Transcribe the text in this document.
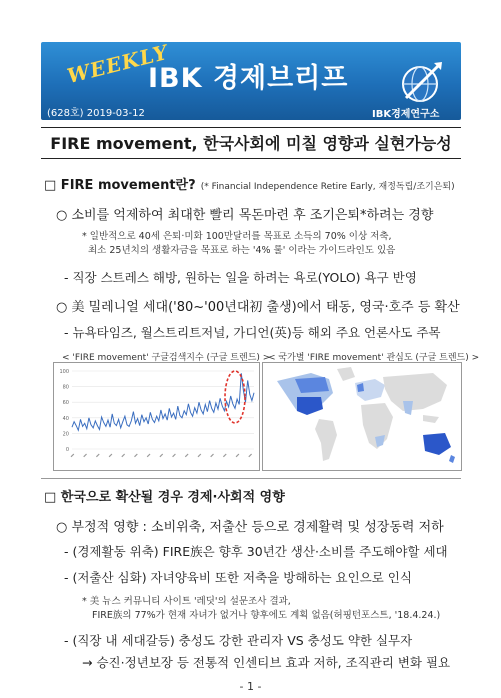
WEEKLY
IBK 경제브리프
(628호) 2019-03-12	IBK경제연구소
FIRE movement, 한국사회에 미칠 영향과 실현가능성
□ FIRE movement란? (* Financial Independence Retire Early, 재정독립/조기은퇴)
○ 소비를 억제하여 최대한 빨리 목돈마련 후 조기은퇴*하려는 경향
* 일반적으로 40세 은퇴·미화 100만달러를 목표로 소득의 70% 이상 저축,
최소 25년치의 생활자금을 목표로 하는 '4% 룰' 이라는 가이드라인도 있음
- 직장 스트레스 해방, 원하는 일을 하려는 욕로(YOLO) 욕구 반영
○ 美 밀레니얼 세대('80~'00년대初 출생)에서 태동, 영국·호주 등 확산
- 뉴욕타임즈, 월스트리트저널, 가디언(英)등 해외 주요 언론사도 주목
< 'FIRE movement' 구글검색지수 (구글 트렌드) >
< 국가별 'FIRE movement' 관심도 (구글 트렌드) >
100
80
60
40
20
0
□ 한국으로 확산될 경우 경제·사회적 영향
○ 부정적 영향 : 소비위축, 저출산 등으로 경제활력 및 성장동력 저하
- (경제활동 위축) FIRE族은 향후 30년간 생산·소비를 주도해야할 세대
- (저출산 심화) 자녀양육비 또한 저축을 방해하는 요인으로 인식
* 美 뉴스 커뮤니티 사이트 '레딧'의 설문조사 결과,
FIRE族의 77%가 현재 자녀가 없거나 향후에도 계획 없음(허핑턴포스트, '18.4.24.)
- (직장 내 세대갈등) 충성도 강한 관리자 VS 충성도 약한 실무자
→ 승진·정년보장 등 전통적 인센티브 효과 저하, 조직관리 변화 필요
- 1 -
